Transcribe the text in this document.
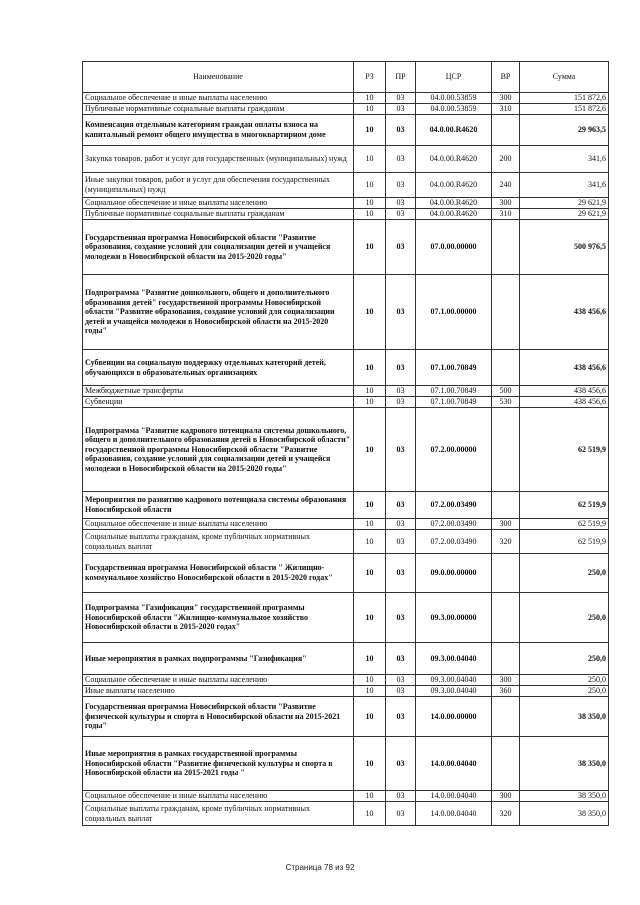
Наименование	РЗ	ПР	ЦСР	ВР	Сумма
Социальное обеспечение и иные выплаты населению	10	03	04.0.00.53859	300	151 872,6
Публичные нормативные социальные выплаты гражданам	10	03	04.0.00.53859	310	151 872,6
Компенсация отдельным категориям граждан оплаты взноса на капитальный ремонт общего имущества в многоквартирном доме	10	03	04.0.00.R4620		29 963,5
Закупка товаров, работ и услуг для государственных (муниципальных) нужд	10	03	04.0.00.R4620	200	341,6
Иные закупки товаров, работ и услуг для обеспечения государственных (муниципальных) нужд	10	03	04.0.00.R4620	240	341,6
Социальное обеспечение и иные выплаты населению	10	03	04.0.00.R4620	300	29 621,9
Публичные нормативные социальные выплаты гражданам	10	03	04.0.00.R4620	310	29 621,9
Государственная программа Новосибирской области "Развитие образования, создание условий для социализации детей и учащейся молодежи в Новосибирской области на 2015-2020 годы"	10	03	07.0.00.00000		500 976,5
Подпрограмма "Развитие дошкольного, общего и дополнительного образования детей" государственной программы Новосибирской области "Развитие образования, создание условий для социализации детей и учащейся молодежи в Новосибирской области на 2015-2020 годы"	10	03	07.1.00.00000		438 456,6
Субвенции на социальную поддержку отдельных категорий детей, обучающихся в образовательных организациях	10	03	07.1.00.70849		438 456,6
Межбюджетные трансферты	10	03	07.1.00.70849	500	438 456,6
Субвенции	10	03	07.1.00.70849	530	438 456,6
Подпрограмма "Развитие кадрового потенциала системы дошкольного, общего и дополнительного образования детей в Новосибирской области" государственной программы Новосибирской области "Развитие образования, создание условий для социализации детей и учащейся молодежи в Новосибирской области на 2015-2020 годы"	10	03	07.2.00.00000		62 519,9
Мероприятия по развитию кадрового потенциала системы образования Новосибирской области	10	03	07.2.00.03490		62 519,9
Социальное обеспечение и иные выплаты населению	10	03	07.2.00.03490	300	62 519,9
Социальные выплаты гражданам, кроме публичных нормативных социальных выплат	10	03	07.2.00.03490	320	62 519,9
Государственная программа Новосибирской области " Жилищно-коммунальное хозяйство Новосибирской области в 2015-2020 годах"	10	03	09.0.00.00000		250,0
Подпрограмма "Газификация" государственной программы Новосибирской области "Жилищно-коммунальное хозяйство Новосибирской области в 2015-2020 годах"	10	03	09.3.00.00000		250,0
Иные мероприятия в рамках подпрограммы "Газификация"	10	03	09.3.00.04040		250,0
Социальное обеспечение и иные выплаты населению	10	03	09.3.00.04040	300	250,0
Иные выплаты населению	10	03	09.3.00.04040	360	250,0
Государственная программа Новосибирской области "Развитие физической культуры и спорта в Новосибирской области на 2015-2021 годы"	10	03	14.0.00.00000		38 350,0
Иные мероприятия в рамках государственной программы Новосибирской области "Развитие физической культуры и спорта в Новосибирской области на 2015-2021 годы "	10	03	14.0.00.04040		38 350,0
Социальное обеспечение и иные выплаты населению	10	03	14.0.00.04040	300	38 350,0
Социальные выплаты гражданам, кроме публичных нормативных социальных выплат	10	03	14.0.00.04040	320	38 350,0
Страница 78 из 92
